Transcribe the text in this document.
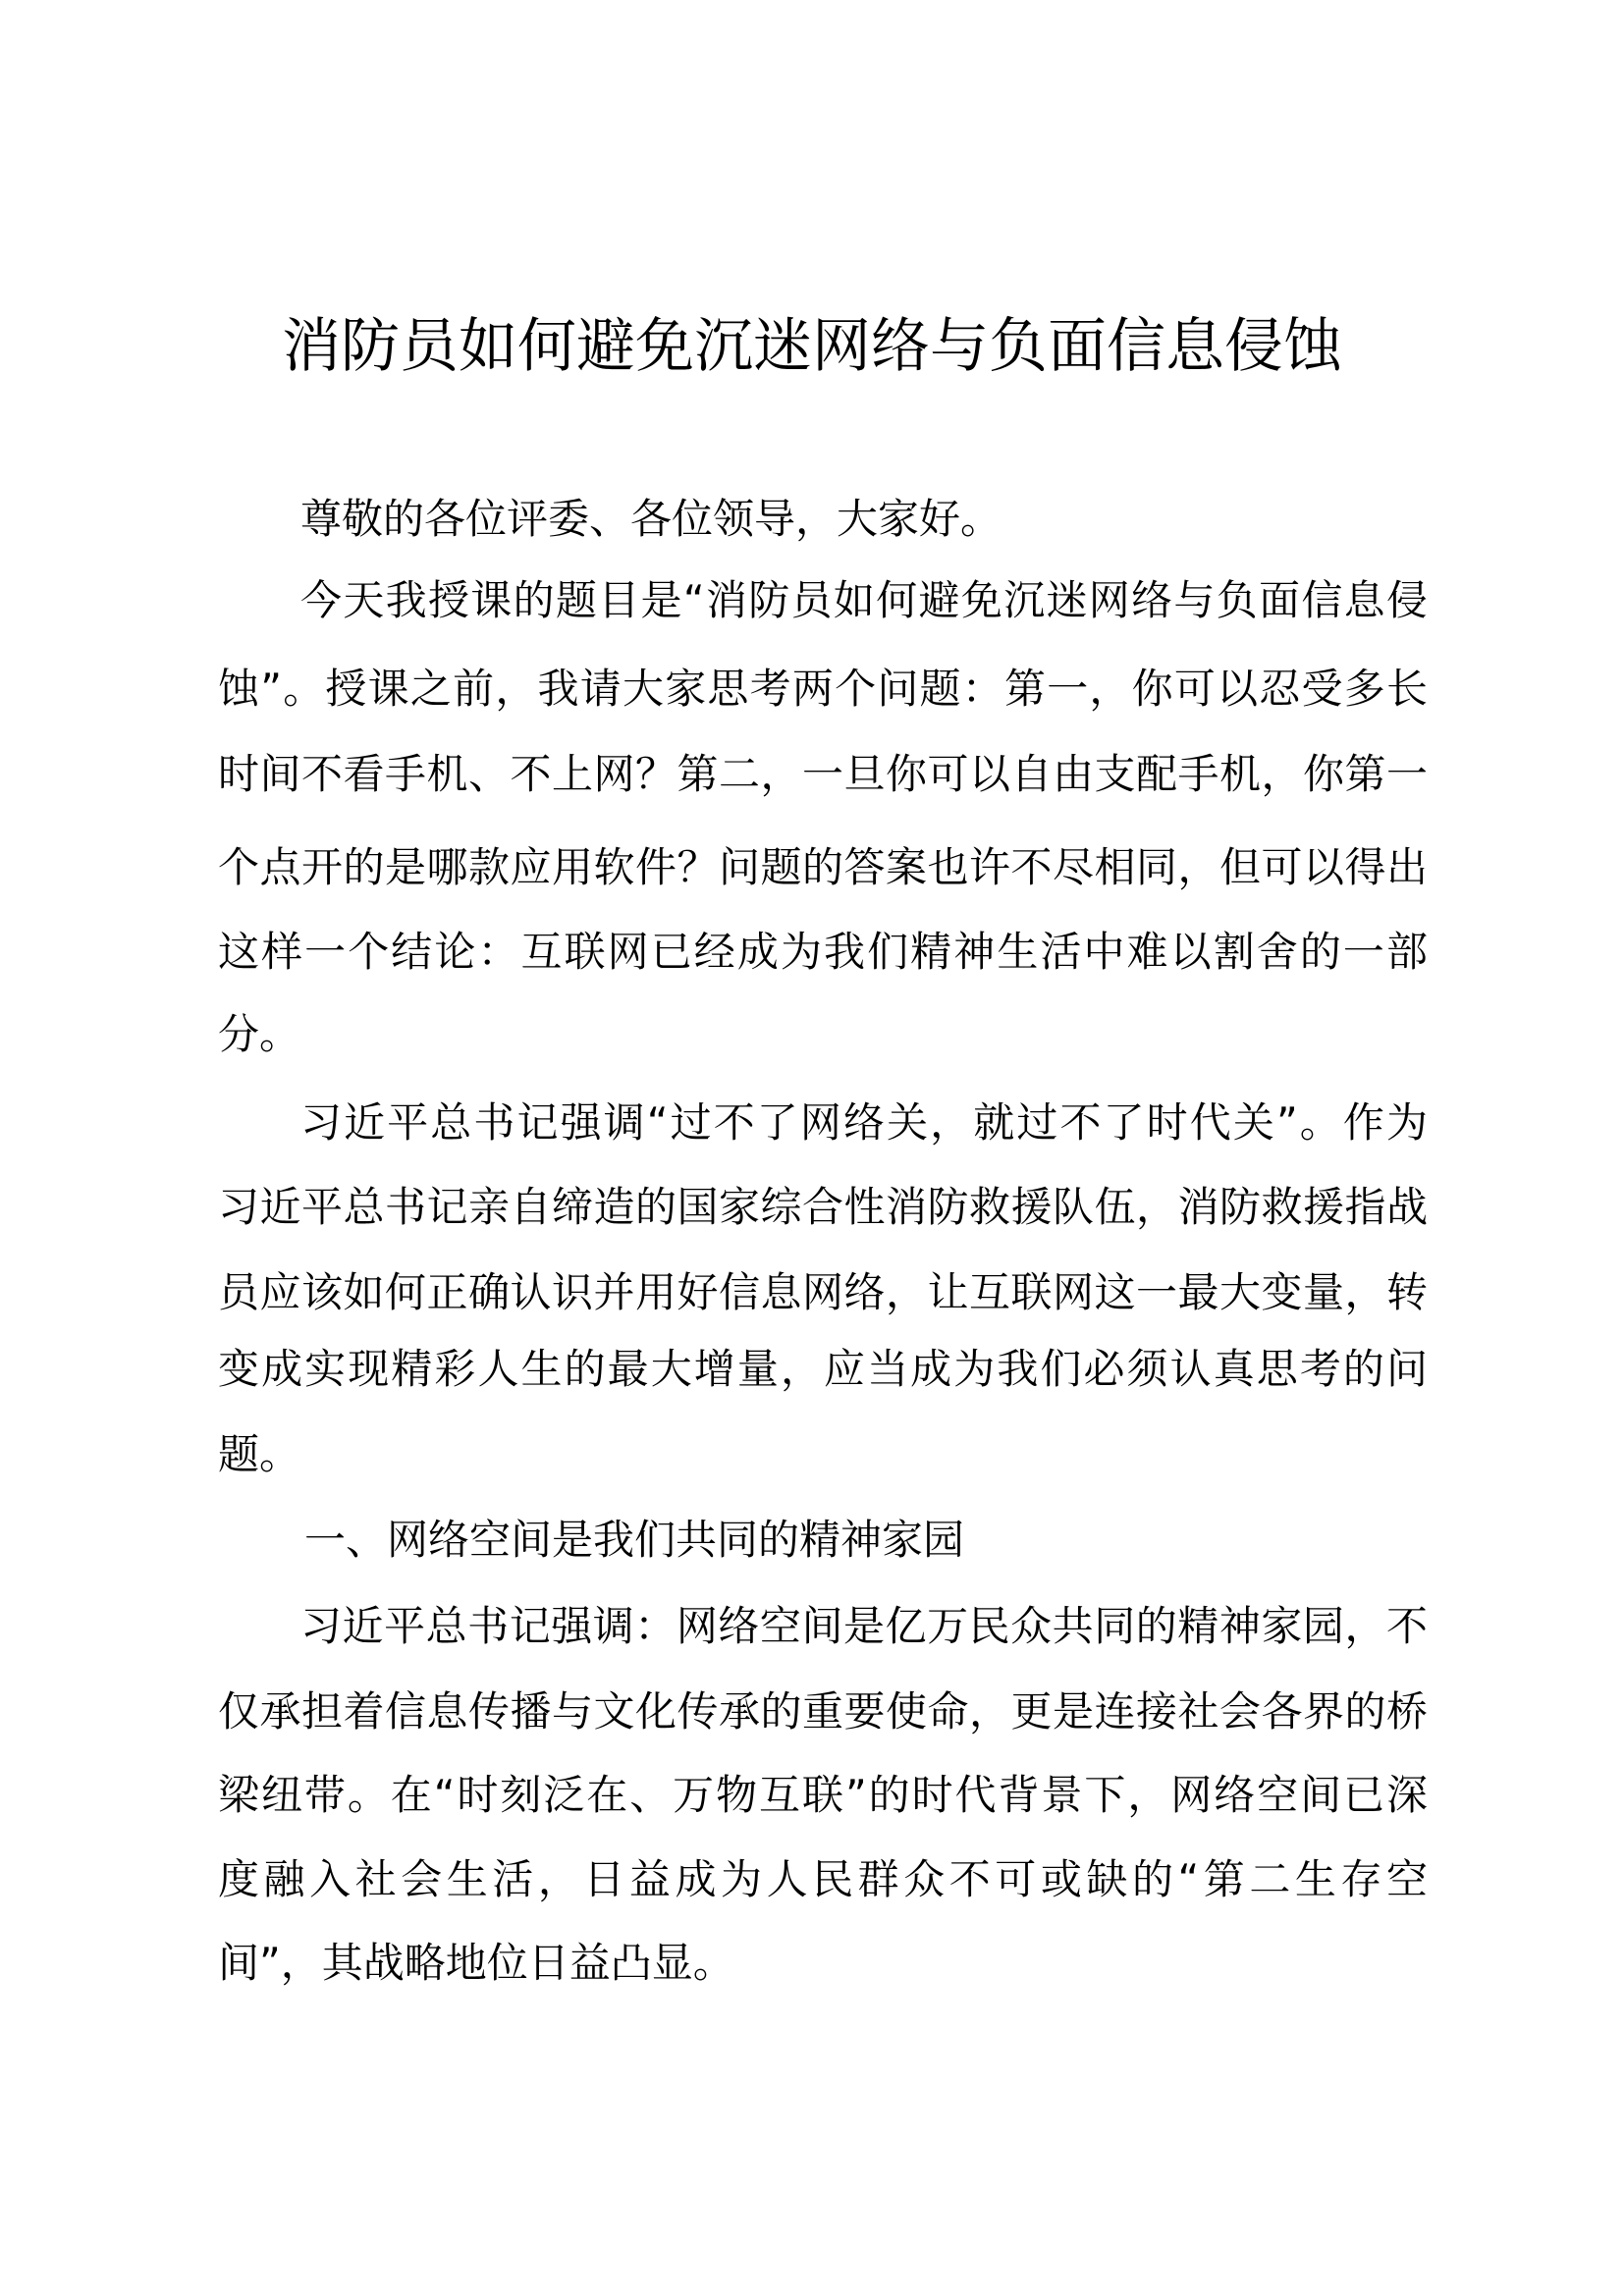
消防员如何避免沉迷网络与负面信息侵蚀
尊敬的各位评委、各位领导，大家好。
今天我授课的题目是“消防员如何避免沉迷网络与负面信息侵
蚀”。授课之前，我请大家思考两个问题：第一，你可以忍受多长
时间不看手机、不上网？第二，一旦你可以自由支配手机，你第一
个点开的是哪款应用软件？问题的答案也许不尽相同，但可以得出
这样一个结论：互联网已经成为我们精神生活中难以割舍的一部
分。
习近平总书记强调“过不了网络关，就过不了时代关”。作为
习近平总书记亲自缔造的国家综合性消防救援队伍，消防救援指战
员应该如何正确认识并用好信息网络，让互联网这一最大变量，转
变成实现精彩人生的最大增量，应当成为我们必须认真思考的问
题。
一、网络空间是我们共同的精神家园
习近平总书记强调：网络空间是亿万民众共同的精神家园，不
仅承担着信息传播与文化传承的重要使命，更是连接社会各界的桥
梁纽带。在“时刻泛在、万物互联”的时代背景下，网络空间已深
度融入社会生活，日益成为人民群众不可或缺的“第二生存空
间”，其战略地位日益凸显。
